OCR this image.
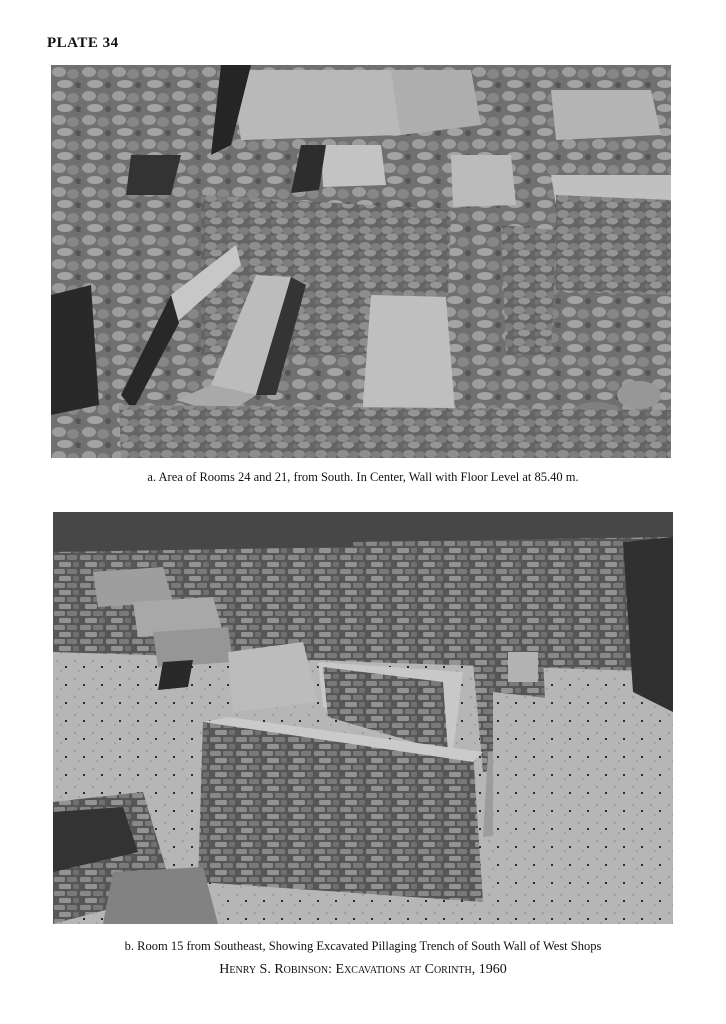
PLATE 34
a. Area of Rooms 24 and 21, from South. In Center, Wall with Floor Level at 85.40 m.
b. Room 15 from Southeast, Showing Excavated Pillaging Trench of South Wall of West Shops
Henry S. Robinson: Excavations at Corinth, 1960
